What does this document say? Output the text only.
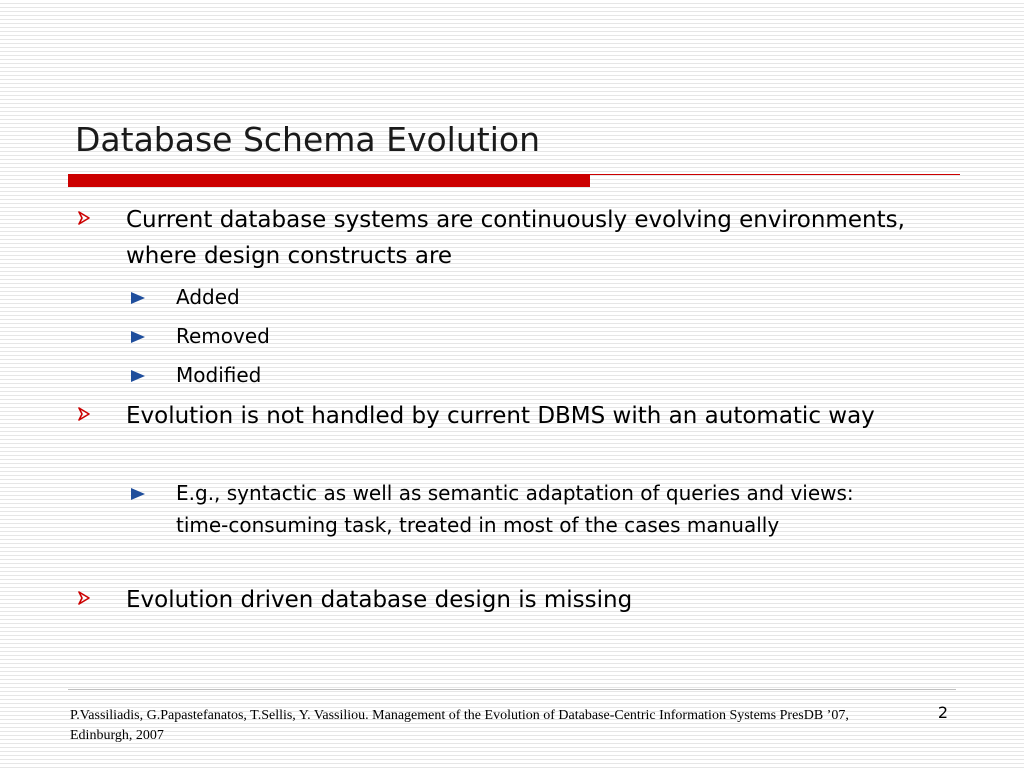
Database Schema Evolution
Current database systems are continuously evolving environments, where design constructs are
Added
Removed
Modified
Evolution is not handled by current DBMS with an automatic way
E.g., syntactic as well as semantic adaptation of queries and views: time-consuming task, treated in most of the cases manually
Evolution driven database design is missing
P.Vassiliadis, G.Papastefanatos, T.Sellis, Y. Vassiliou. Management of the Evolution of Database-Centric Information Systems PresDB ’07, Edinburgh, 2007
2
